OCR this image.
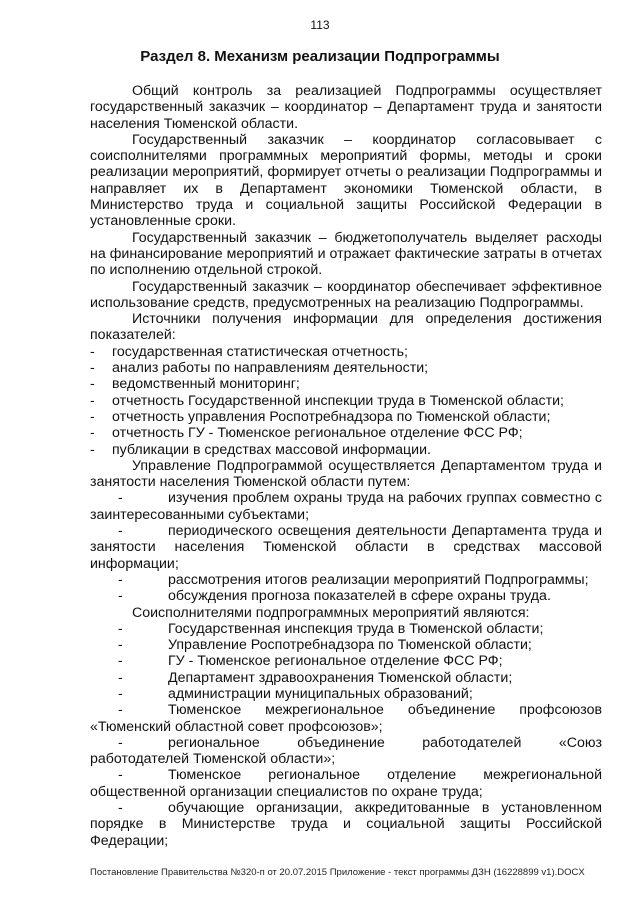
113
Раздел 8. Механизм реализации Подпрограммы

Общий контроль за реализацией Подпрограммы осуществляет государственный заказчик – координатор – Департамент труда и занятости населения Тюменской области.

Государственный заказчик – координатор согласовывает с соисполнителями программных мероприятий формы, методы и сроки реализации мероприятий, формирует отчеты о реализации Подпрограммы и направляет их в Департамент экономики Тюменской области, в Министерство труда и социальной защиты Российской Федерации в установленные сроки.

Государственный заказчик – бюджетополучатель выделяет расходы на финансирование мероприятий и отражает фактические затраты в отчетах по исполнению отдельной строкой.

Государственный заказчик – координатор обеспечивает эффективное использование средств, предусмотренных на реализацию Подпрограммы.

Источники получения информации для определения достижения показателей:

-	государственная статистическая отчетность;
-	анализ работы по направлениям деятельности;
-	ведомственный мониторинг;
-	отчетность Государственной инспекции труда в Тюменской области;
-	отчетность управления Роспотребнадзора по Тюменской области;
-	отчетность ГУ - Тюменское региональное отделение ФСС РФ;
-	публикации в средствах массовой информации.

Управление Подпрограммой осуществляется Департаментом труда и занятости населения Тюменской области путем:

-	изучения проблем охраны труда на рабочих группах совместно с заинтересованными субъектами;
-	периодического освещения деятельности Департамента труда и занятости населения Тюменской области в средствах массовой информации;
-	рассмотрения итогов реализации мероприятий Подпрограммы;
-	обсуждения прогноза показателей в сфере охраны труда.

Соисполнителями подпрограммных мероприятий являются:

-	Государственная инспекция труда в Тюменской области;
-	Управление Роспотребнадзора по Тюменской области;
-	ГУ - Тюменское региональное отделение ФСС РФ;
-	Департамент здравоохранения Тюменской области;
-	администрации муниципальных образований;
-	Тюменское межрегиональное объединение профсоюзов «Тюменский областной совет профсоюзов»;
-	региональное объединение работодателей «Союз работодателей Тюменской области»;
-	Тюменское региональное отделение межрегиональной общественной организации специалистов по охране труда;
-	обучающие организации, аккредитованные в установленном порядке в Министерстве труда и социальной защиты Российской Федерации;
Постановление Правительства №320-п от 20.07.2015 Приложение - текст программы ДЗН (16228899 v1).DOCX
